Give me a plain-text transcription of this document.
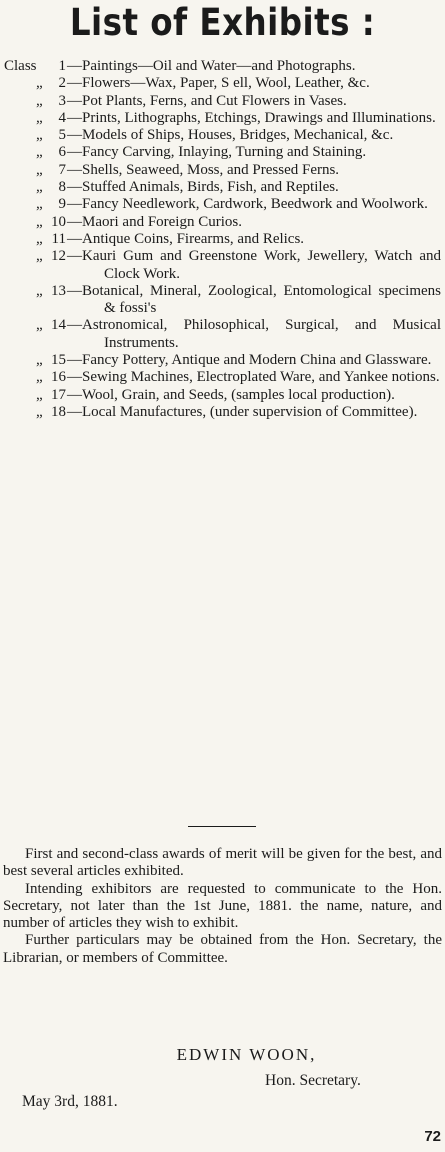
List of Exhibits :
Class	1 —Paintings—Oil and Water—and Photographs.
„	2 —Flowers—Wax, Paper, S ell, Wool, Leather, &c.
„	3 —Pot Plants, Ferns, and Cut Flowers in Vases.
„	4 —Prints, Lithographs, Etchings, Drawings and Illuminations.
„	5 —Models of Ships, Houses, Bridges, Mechanical, &c.
„	6 —Fancy Carving, Inlaying, Turning and Staining.
„	7 —Shells, Seaweed, Moss, and Pressed Ferns.
„	8 —Stuffed Animals, Birds, Fish, and Reptiles.
„	9 —Fancy Needlework, Cardwork, Beedwork and Woolwork.
„ 10 —Maori and Foreign Curios.
„ 11 —Antique Coins, Firearms, and Relics.
„ 12 —Kauri Gum and Greenstone Work, Jewellery, Watch and Clock Work.
„ 13 —Botanical, Mineral, Zoological, Entomological specimens & fossi's
„ 14 —Astronomical, Philosophical, Surgical, and Musical Instruments.
„ 15 —Fancy Pottery, Antique and Modern China and Glassware.
„ 16 —Sewing Machines, Electroplated Ware, and Yankee notions.
„ 17 —Wool, Grain, and Seeds, (samples local production).
„ 18 —Local Manufactures, (under supervision of Committee).

First and second-class awards of merit will be given for the best, and best several articles exhibited.

Intending exhibitors are requested to communicate to the Hon. Secretary, not later than the 1st June, 1881. the name, nature, and number of articles they wish to exhibit.

Further particulars may be obtained from the Hon. Secretary, the Librarian, or members of Committee.

EDWIN WOON,
Hon. Secretary.
May 3rd, 1881.
72
